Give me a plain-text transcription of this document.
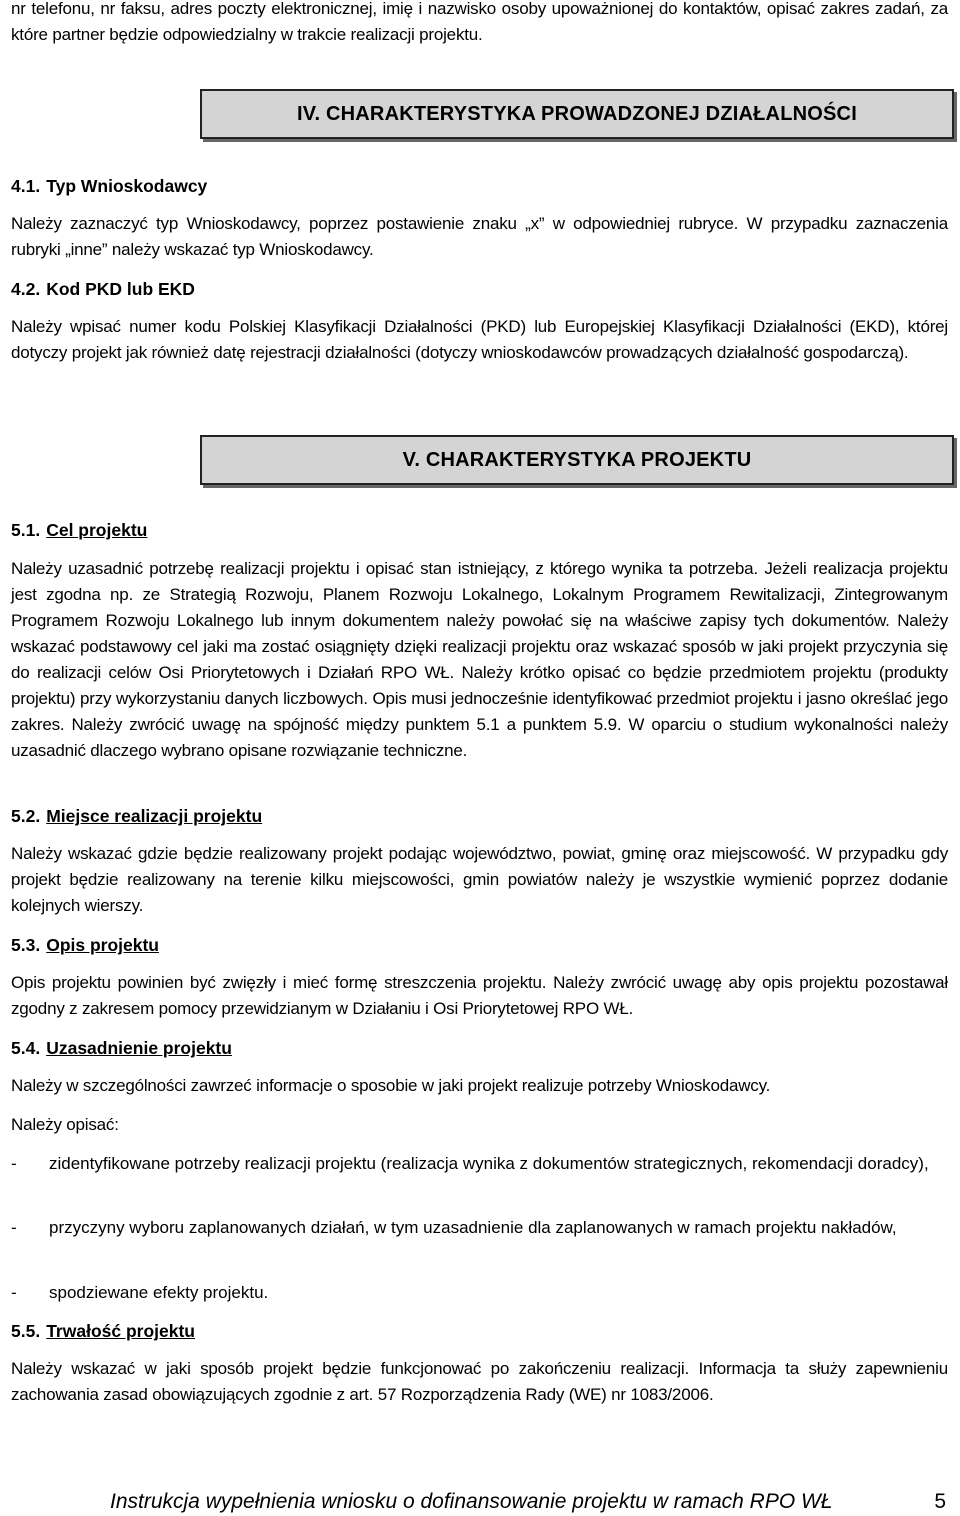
nr telefonu, nr faksu, adres poczty elektronicznej, imię i nazwisko osoby upoważnionej do kontaktów, opisać zakres zadań, za które partner będzie odpowiedzialny w trakcie realizacji projektu.

IV. CHARAKTERYSTYKA PROWADZONEJ DZIAŁALNOŚCI
4.1. Typ Wnioskodawcy

Należy zaznaczyć typ Wnioskodawcy, poprzez postawienie znaku „x” w odpowiedniej rubryce. W przypadku zaznaczenia rubryki „inne” należy wskazać typ Wnioskodawcy.

4.2. Kod PKD lub EKD

Należy wpisać numer kodu Polskiej Klasyfikacji Działalności (PKD) lub Europejskiej Klasyfikacji Działalności (EKD), której dotyczy projekt jak również datę rejestracji działalności (dotyczy wnioskodawców prowadzących działalność gospodarczą).

V. CHARAKTERYSTYKA PROJEKTU
5.1. Cel projektu

Należy uzasadnić potrzebę realizacji projektu i opisać stan istniejący, z którego wynika ta potrzeba. Jeżeli realizacja projektu jest zgodna np. ze Strategią Rozwoju, Planem Rozwoju Lokalnego, Lokalnym Programem Rewitalizacji, Zintegrowanym Programem Rozwoju Lokalnego lub innym dokumentem należy powołać się na właściwe zapisy tych dokumentów. Należy wskazać podstawowy cel jaki ma zostać osiągnięty dzięki realizacji projektu oraz wskazać sposób w jaki projekt przyczynia się do realizacji celów Osi Priorytetowych i Działań RPO WŁ. Należy krótko opisać co będzie przedmiotem projektu (produkty projektu) przy wykorzystaniu danych liczbowych. Opis musi jednocześnie identyfikować przedmiot projektu i jasno określać jego zakres. Należy zwrócić uwagę na spójność między punktem 5.1 a punktem 5.9. W oparciu o studium wykonalności należy uzasadnić dlaczego wybrano opisane rozwiązanie techniczne.

5.2. Miejsce realizacji projektu

Należy wskazać gdzie będzie realizowany projekt podając województwo, powiat, gminę oraz miejscowość. W przypadku gdy projekt będzie realizowany na terenie kilku miejscowości, gmin powiatów należy je wszystkie wymienić poprzez dodanie kolejnych wierszy.

5.3. Opis projektu

Opis projektu powinien być zwięzły i mieć formę streszczenia projektu. Należy zwrócić uwagę aby opis projektu pozostawał zgodny z zakresem pomocy przewidzianym w Działaniu i Osi Priorytetowej RPO WŁ.

5.4. Uzasadnienie projektu

Należy w szczególności zawrzeć informacje o sposobie w jaki projekt realizuje potrzeby Wnioskodawcy.

Należy opisać:

- zidentyfikowane potrzeby realizacji projektu (realizacja wynika z dokumentów strategicznych, rekomendacji doradcy),
- przyczyny wyboru zaplanowanych działań, w tym uzasadnienie dla zaplanowanych w ramach projektu nakładów,
- spodziewane efekty projektu.
5.5. Trwałość projektu

Należy wskazać w jaki sposób projekt będzie funkcjonować po zakończeniu realizacji. Informacja ta służy zapewnieniu zachowania zasad obowiązujących zgodnie z art. 57 Rozporządzenia Rady (WE) nr 1083/2006.

Instrukcja wypełnienia wniosku o dofinansowanie projektu w ramach RPO WŁ	5
